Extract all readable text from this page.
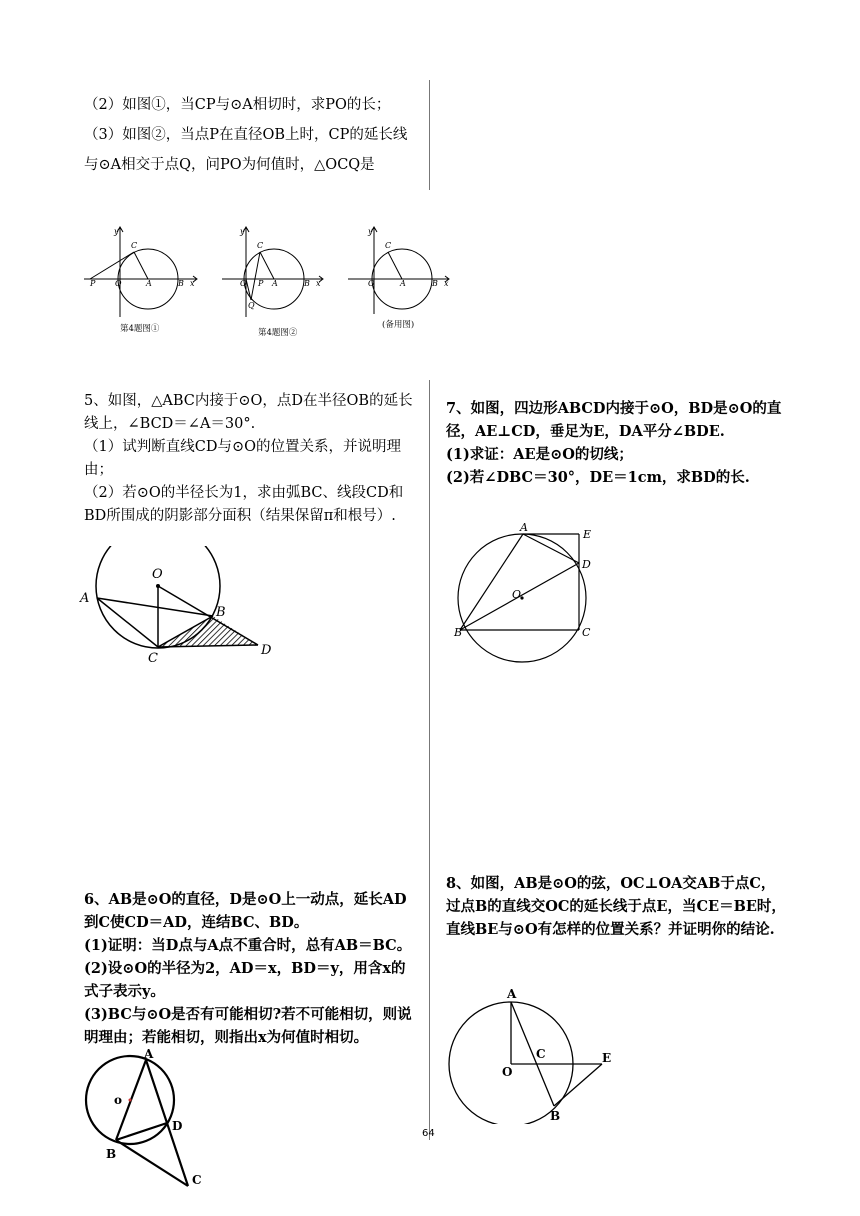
（2）如图①，当CP与⊙A相切时，求PO的长；

（3）如图②，当点P在直径OB上时，CP的延长线与⊙A相交于点Q，问PO为何值时，△OCQ是

P O
C
A	B x
y
第4题图①
O
C
P A	B x
y
Q
第4题图②
O
C
A	B x
y
(备用图)

5、如图，△ABC内接于⊙O，点D在半径OB的延长线上，∠BCD＝∠A＝30°.

（1）试判断直线CD与⊙O的位置关系，并说明理由；

（2）若⊙O的半径长为1，求由弧BC、线段CD和BD所围成的阴影部分面积（结果保留π和根号）.

O
A
B
C
D

7、如图，四边形ABCD内接于⊙O，BD是⊙O的直径，AE⊥CD，垂足为E，DA平分∠BDE.

(1)求证：AE是⊙O的切线；

(2)若∠DBC＝30°，DE＝1cm，求BD的长.

A
E
D
O
B	C

6、AB是⊙O的直径，D是⊙O上一动点，延长AD到C使CD＝AD，连结BC、BD。

(1)证明：当D点与A点不重合时，总有AB＝BC。

(2)设⊙O的半径为2，AD＝x，BD＝y，用含x的式子表示y。

(3)BC与⊙O是否有可能相切?若不可能相切，则说明理由；若能相切，则指出x为何值时相切。

A
o
D
B
C

8、如图，AB是⊙O的弦，OC⊥OA交AB于点C，过点B的直线交OC的延长线于点E，当CE＝BE时，直线BE与⊙O有怎样的位置关系？并证明你的结论.

A
O
C	E
B
64
